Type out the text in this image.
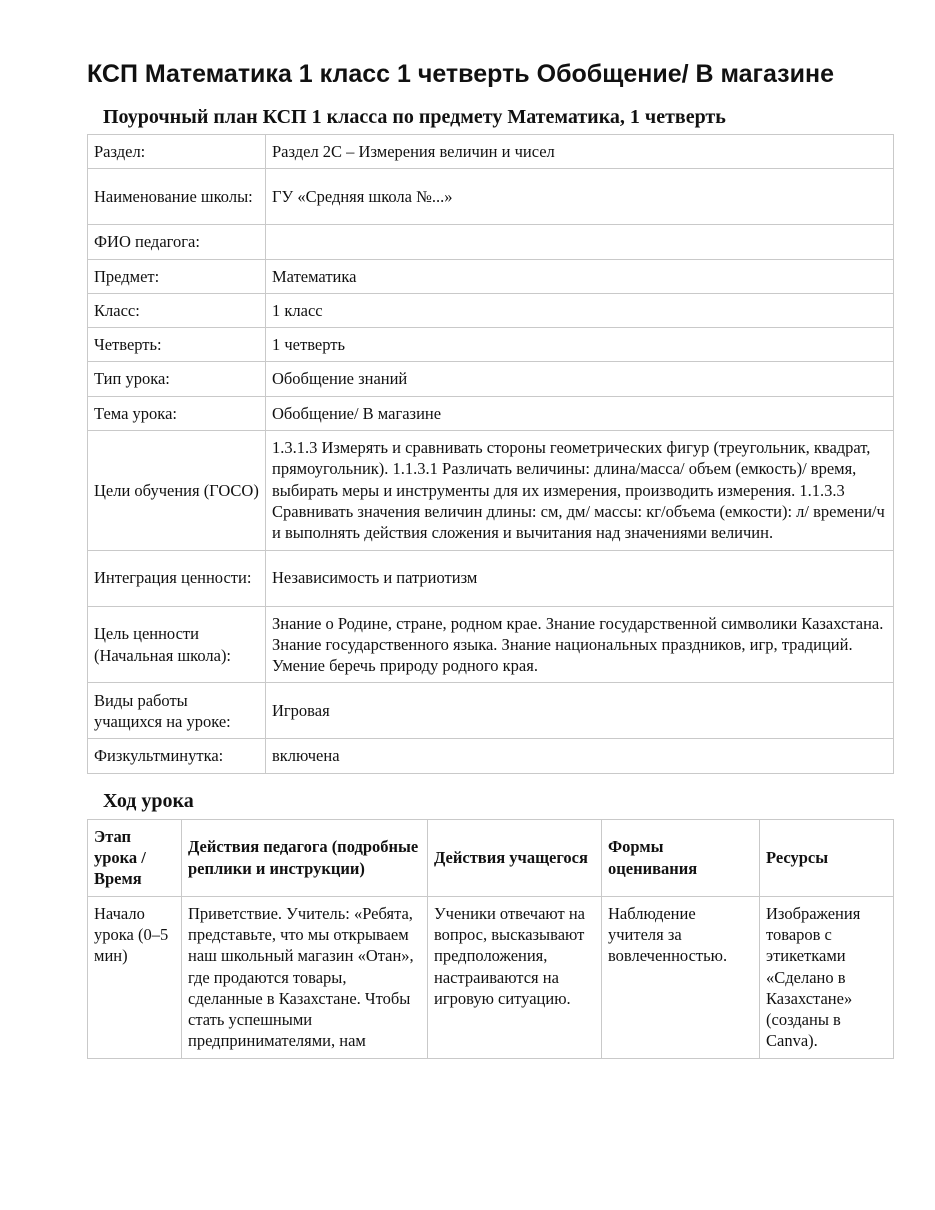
КСП Математика 1 класс 1 четверть Обобщение/ В магазине
Поурочный план КСП 1 класса по предмету Математика, 1 четверть
Раздел:	Раздел 2С – Измерения величин и чисел
Наименование школы:	ГУ «Средняя школа №...»
ФИО педагога:	
Предмет:	Математика
Класс:	1 класс
Четверть:	1 четверть
Тип урока:	Обобщение знаний
Тема урока:	Обобщение/ В магазине
Цели обучения (ГОСО)	1.3.1.3 Измерять и сравнивать стороны геометрических фигур (треугольник, квадрат, прямоугольник). 1.1.3.1 Различать величины: длина/масса/ объем (емкость)/ время, выбирать меры и инструменты для их измерения, производить измерения. 1.1.3.3 Сравнивать значения величин длины: см, дм/ массы: кг/объема (емкости): л/ времени/ч и выполнять действия сложения и вычитания над значениями величин.
Интеграция ценности:	Независимость и патриотизм
Цель ценности (Начальная школа):	Знание о Родине, стране, родном крае. Знание государственной символики Казахстана. Знание государственного языка. Знание национальных праздников, игр, традиций. Умение беречь природу родного края.
Виды работы учащихся на уроке:	Игровая
Физкультминутка:	включена
Ход урока
Этап урока / Время	Действия педагога (подробные реплики и инструкции)	Действия учащегося	Формы оценивания	Ресурсы
Начало урока (0–5 мин)	Приветствие. Учитель: «Ребята, представьте, что мы открываем наш школьный магазин «Отан», где продаются товары, сделанные в Казахстане. Чтобы стать успешными предпринимателями, нам	Ученики отвечают на вопрос, высказывают предположения, настраиваются на игровую ситуацию.	Наблюдение учителя за вовлеченностью.	Изображения товаров с этикетками «Сделано в Казахстане» (созданы в Canva).
